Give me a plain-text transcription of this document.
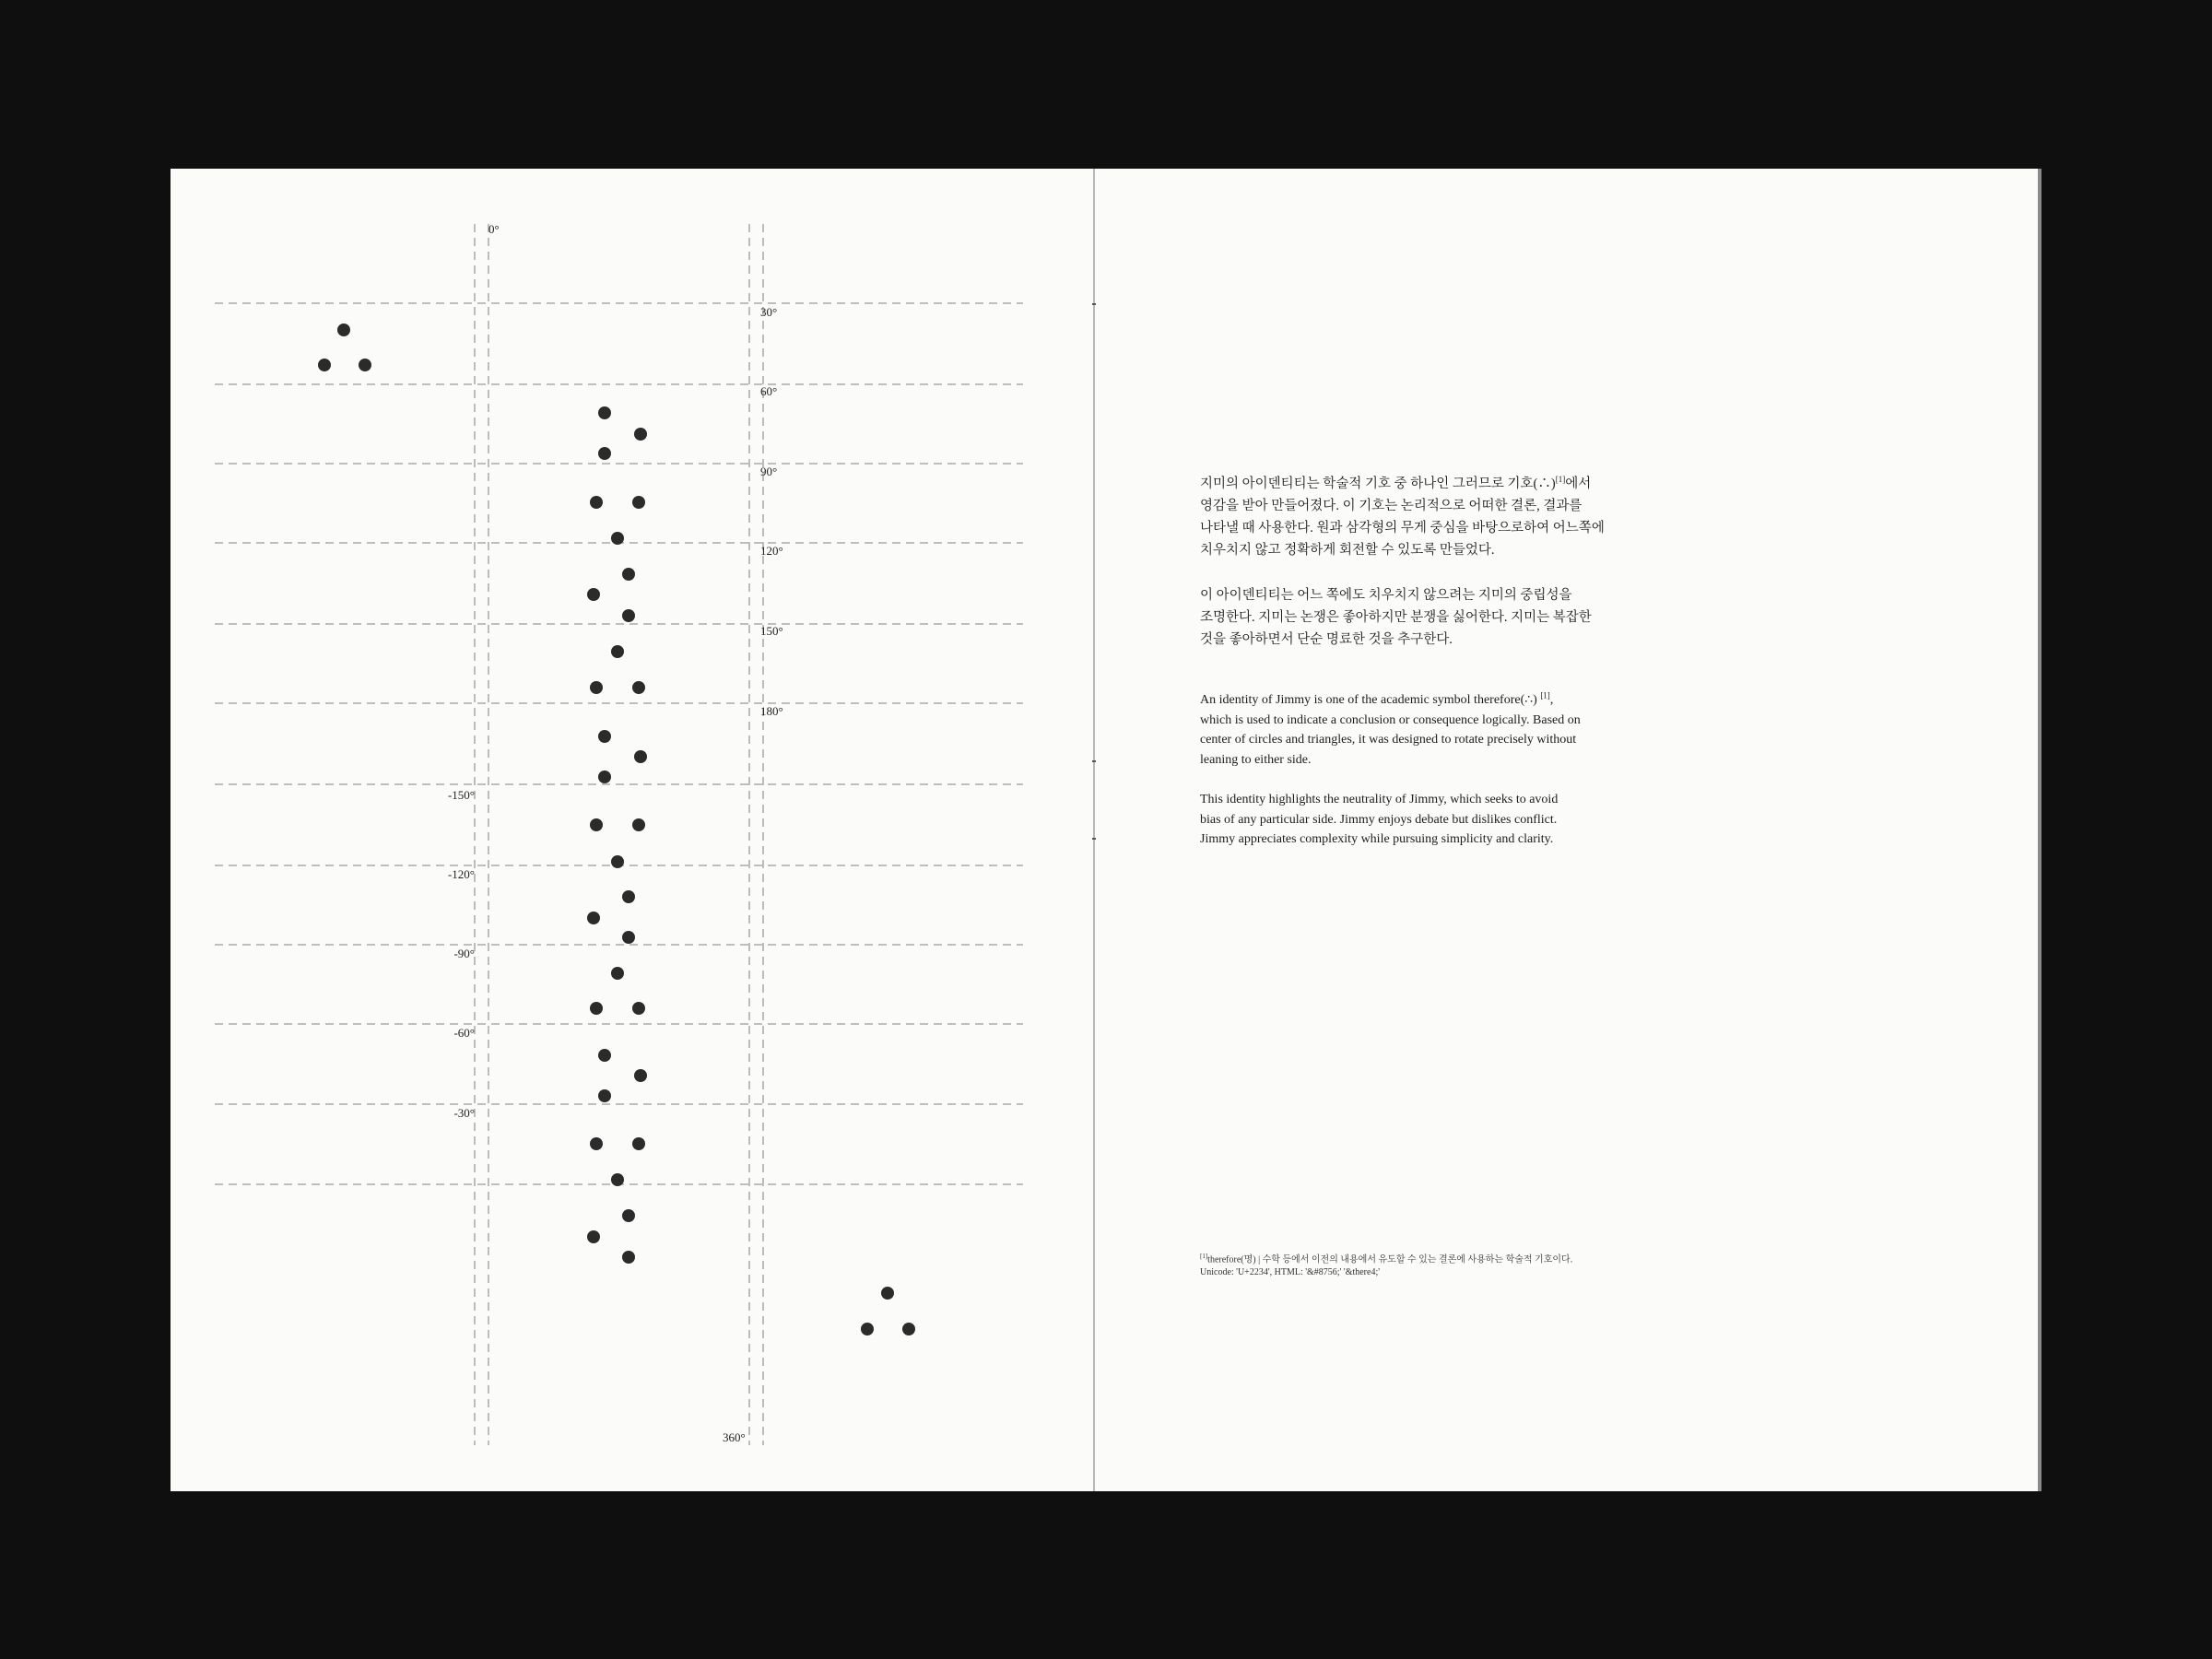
0°
360°
30°
60°
90°
120°
150°
180°
-150°
-120°
-90°
-60°
-30°

지미의 아이덴티티는 학술적 기호 중 하나인 그러므로 기호(∴)[1]에서
영감을 받아 만들어졌다. 이 기호는 논리적으로 어떠한 결론, 결과를
나타낼 때 사용한다. 원과 삼각형의 무게 중심을 바탕으로하여 어느쪽에
치우치지 않고 정확하게 회전할 수 있도록 만들었다.

이 아이덴티티는 어느 쪽에도 치우치지 않으려는 지미의 중립성을
조명한다. 지미는 논쟁은 좋아하지만 분쟁을 싫어한다. 지미는 복잡한
것을 좋아하면서 단순 명료한 것을 추구한다.

An identity of Jimmy is one of the academic symbol therefore(∴) [1],
which is used to indicate a conclusion or consequence logically. Based on
center of circles and triangles, it was designed to rotate precisely without
leaning to either side.

This identity highlights the neutrality of Jimmy, which seeks to avoid
bias of any particular side. Jimmy enjoys debate but dislikes conflict.
Jimmy appreciates complexity while pursuing simplicity and clarity.

[1]therefore(명) | 수학 등에서 이전의 내용에서 유도할 수 있는 결론에 사용하는 학술적 기호이다.

Unicode: 'U+2234', HTML: '&#8756;' '&there4;'
